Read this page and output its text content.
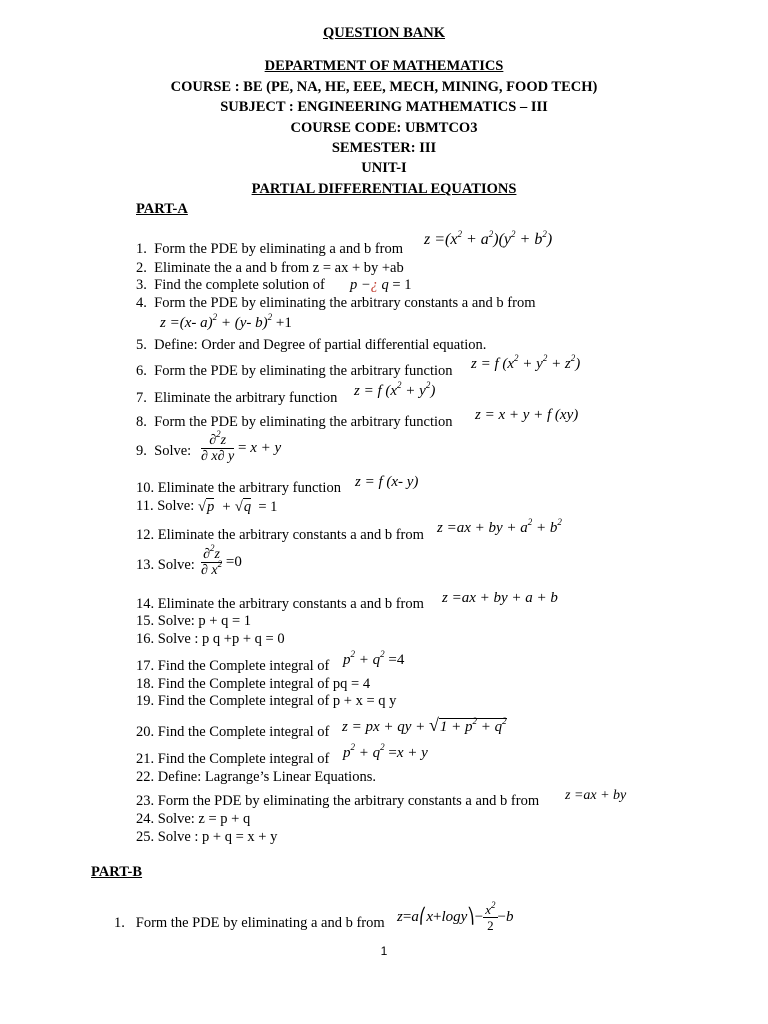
QUESTION BANK
DEPARTMENT OF MATHEMATICS
COURSE : BE (PE, NA, HE, EEE, MECH, MINING, FOOD TECH)
SUBJECT : ENGINEERING MATHEMATICS – III
COURSE CODE: UBMTCO3
SEMESTER: III
UNIT-I
PARTIAL DIFFERENTIAL EQUATIONS
PART-A
1. Form the PDE by eliminating a and b from
$z =(x^2 + a^2)(y^2 + b^2)$
2. Eliminate the a and b from z = ax + by +ab
3. Find the complete solution of p −¿ q = 1
4. Form the PDE by eliminating the arbitrary constants a and b from
z =(x- a)$^2$ + (y- b)$^2$ +1
5. Define: Order and Degree of partial differential equation.
6. Form the PDE by eliminating the arbitrary function z = f $(x^2 + y^2 + z^2)$
7. Eliminate the arbitrary function z = f $(x^2 + y^2)$
8. Form the PDE by eliminating the arbitrary function z = x + y + f (xy)
9. Solve: $\frac{\partial^2z}{\partial x\partial y} = x + y$
10. Eliminate the arbitrary function z = f (x- y)
11. Solve: √p  + √q = 1
12. Eliminate the arbitrary constants a and b from z =ax + by + $a^2 + b^2$
13. Solve: $\frac{\partial^2z}{\partial x^2} =0$
14. Eliminate the arbitrary constants a and b from z =ax + by + a + b
15. Solve: p + q = 1
16. Solve : p q +p + q = 0
17. Find the Complete integral of $p^2 + q^2 =4$
18. Find the Complete integral of pq = 4
19. Find the Complete integral of p + x = q y
20. Find the Complete integral of z = px + qy + $√1 + p^2 + q^2$
21. Find the Complete integral of $p^2 + q^2 =x + y$
22. Define: Lagrange’s Linear Equations.
23. Form the PDE by eliminating the arbitrary constants a and b from z =ax + by
24. Solve: z = p + q
25. Solve : p + q = x + y
PART-B
1. Form the PDE by eliminating a and b from z=a⎛x+logy⎞− $\frac{x^2}{2} -b$
1
